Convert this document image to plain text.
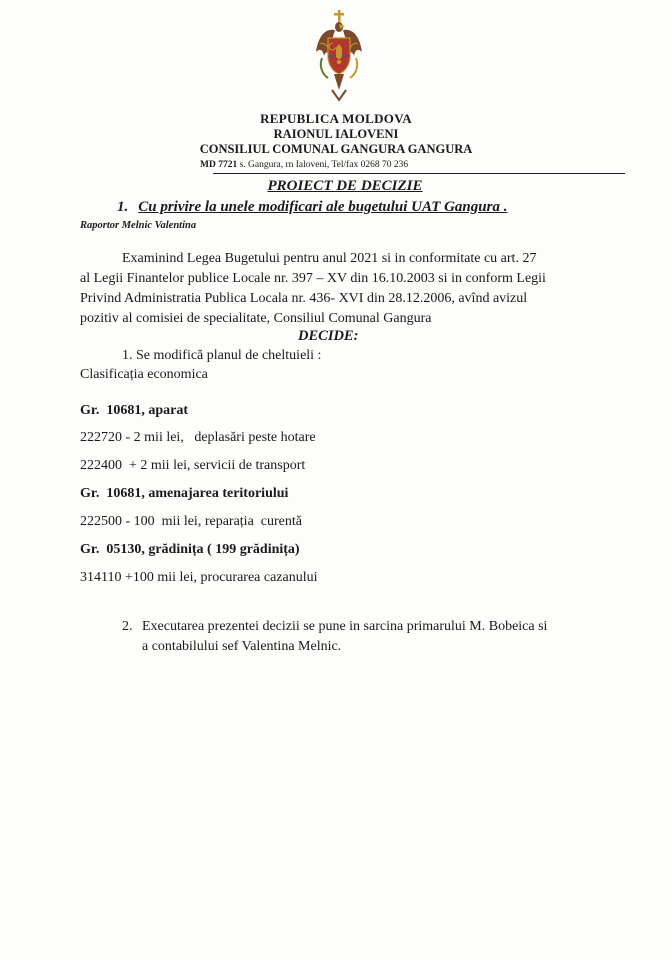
REPUBLICA MOLDOVA
RAIONUL IALOVENI
CONSILIUL COMUNAL GANGURA GANGURA
MD 7721 s. Gangura, rn Ialoveni, Tel/fax 0268 70 236
PROIECT DE DECIZIE
1. Cu privire la unele modificari ale bugetului UAT Gangura .
Raportor Melnic Valentina
Examinind Legea Bugetului pentru anul 2021 si in conformitate cu art. 27
al Legii Finantelor publice Locale nr. 397 – XV din 16.10.2003 si in conform Legii
Privind Administratia Publica Locala nr. 436- XVI din 28.12.2006, avînd avizul
pozitiv al comisiei de specialitate, Consiliul Comunal Gangura
DECIDE:
1. Se modifică planul de cheltuieli :
Clasificația economica
Gr.  10681, aparat
222720 - 2 mii lei,   deplasări peste hotare
222400  + 2 mii lei, servicii de transport
Gr.  10681, amenajarea teritoriului
222500 - 100  mii lei, reparația  curentă
Gr.  05130, grădinița ( 199 grădinița)
314110 +100 mii lei, procurarea cazanului
2. Executarea prezentei decizii se pune in sarcina primarului M. Bobeica si
a contabilului sef Valentina Melnic.
